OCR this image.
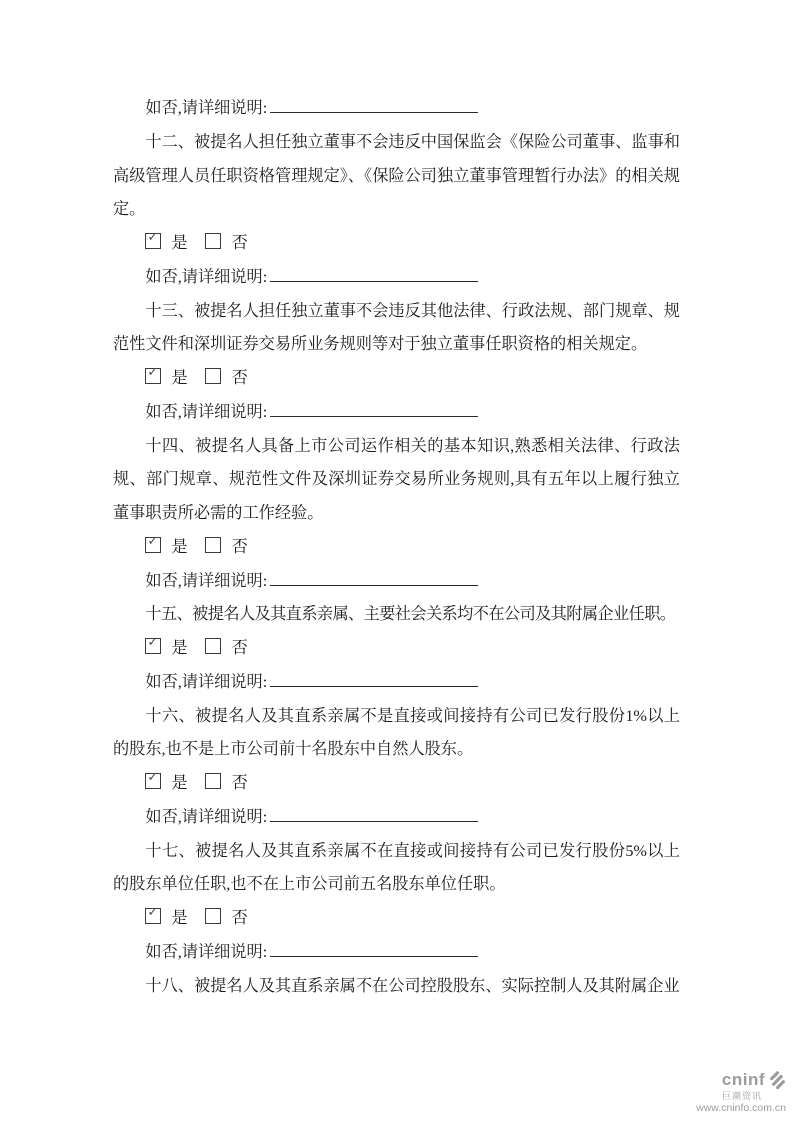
如否,请详细说明:
十二、被提名人担任独立董事不会违反中国保监会《保险公司董事、监事和高级管理人员任职资格管理规定》、《保险公司独立董事管理暂行办法》的相关规定。
✓ 是	否
如否,请详细说明:
十三、被提名人担任独立董事不会违反其他法律、行政法规、部门规章、规范性文件和深圳证券交易所业务规则等对于独立董事任职资格的相关规定。
✓ 是	否
如否,请详细说明:
十四、被提名人具备上市公司运作相关的基本知识,熟悉相关法律、行政法规、部门规章、规范性文件及深圳证券交易所业务规则,具有五年以上履行独立董事职责所必需的工作经验。
✓ 是	否
如否,请详细说明:
十五、被提名人及其直系亲属、主要社会关系均不在公司及其附属企业任职。
✓ 是	否
如否,请详细说明:
十六、被提名人及其直系亲属不是直接或间接持有公司已发行股份1%以上的股东,也不是上市公司前十名股东中自然人股东。
✓ 是	否
如否,请详细说明:
十七、被提名人及其直系亲属不在直接或间接持有公司已发行股份5%以上的股东单位任职,也不在上市公司前五名股东单位任职。
✓ 是	否
如否,请详细说明:
十八、被提名人及其直系亲属不在公司控股股东、实际控制人及其附属企业
cninf
巨潮资讯
www.cninfo.com.cn
